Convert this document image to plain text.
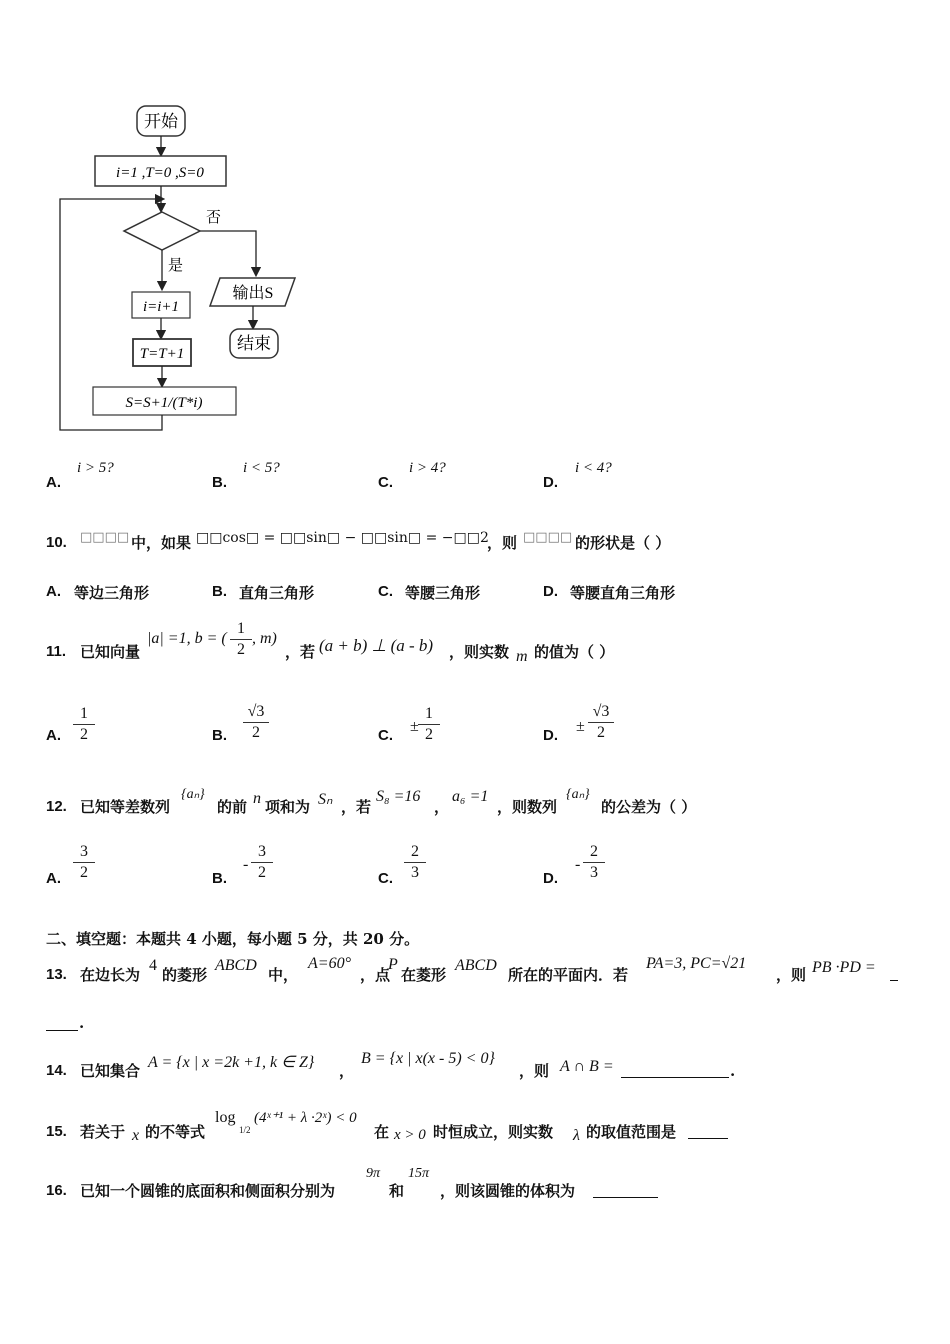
开始
i=1 ,T=0 ,S=0
否
是
输出S
结束
i=i+1
T=T+1
S=S+1/(T*i)
A.
i > 5?
B.
i < 5?
C.
i > 4?
D.
i < 4?
10. □□□□ 中，如果 □□cos□ = □□sin□ − □□sin□ = −□□2
，则 □□□□ 的形状是（ ）
A. 等边三角形	B. 直角三角形	C. 等腰三角形	D. 等腰直角三角形
11. 已知向量
|a| =1, b = (
1
2
, m)
，若 (a + b) ⊥ (a - b) ，则实数 m 的值为（ ）
A.
1
2	B.
√3
2	C.
±
1
2	D.
±
√3
2
12. 已知等差数列
{aₙ}
的前 n 项和为 Sₙ ，若
S₈ =16
，
a₆ =1
，则数列
{aₙ}
的公差为（ ）
A.
3
2	B.
-
3
2	C.
2
3	D.
-
2
3
二、填空题：本题共 4 小题，每小题 5 分，共 20 分。
13. 在边长为
4
的菱形
ABCD
中，
A=60°
，点
P
在菱形
ABCD
所在的平面内．若
PA=3, PC=√21
，则 PB ·PD =
.
14. 已知集合 A = {x | x =2k +1, k ∈ Z} ，
B = {x | x(x - 5) < 0}
，则 A ∩ B =	.
15. 若关于 x 的不等式
log
1/2
(4ˣ⁺¹ + λ ·2ˣ) < 0
在 x > 0 时恒成立，则实数 λ 的取值范围是
16. 已知一个圆锥的底面积和侧面积分别为
9π
和
15π
，则该圆锥的体积为
